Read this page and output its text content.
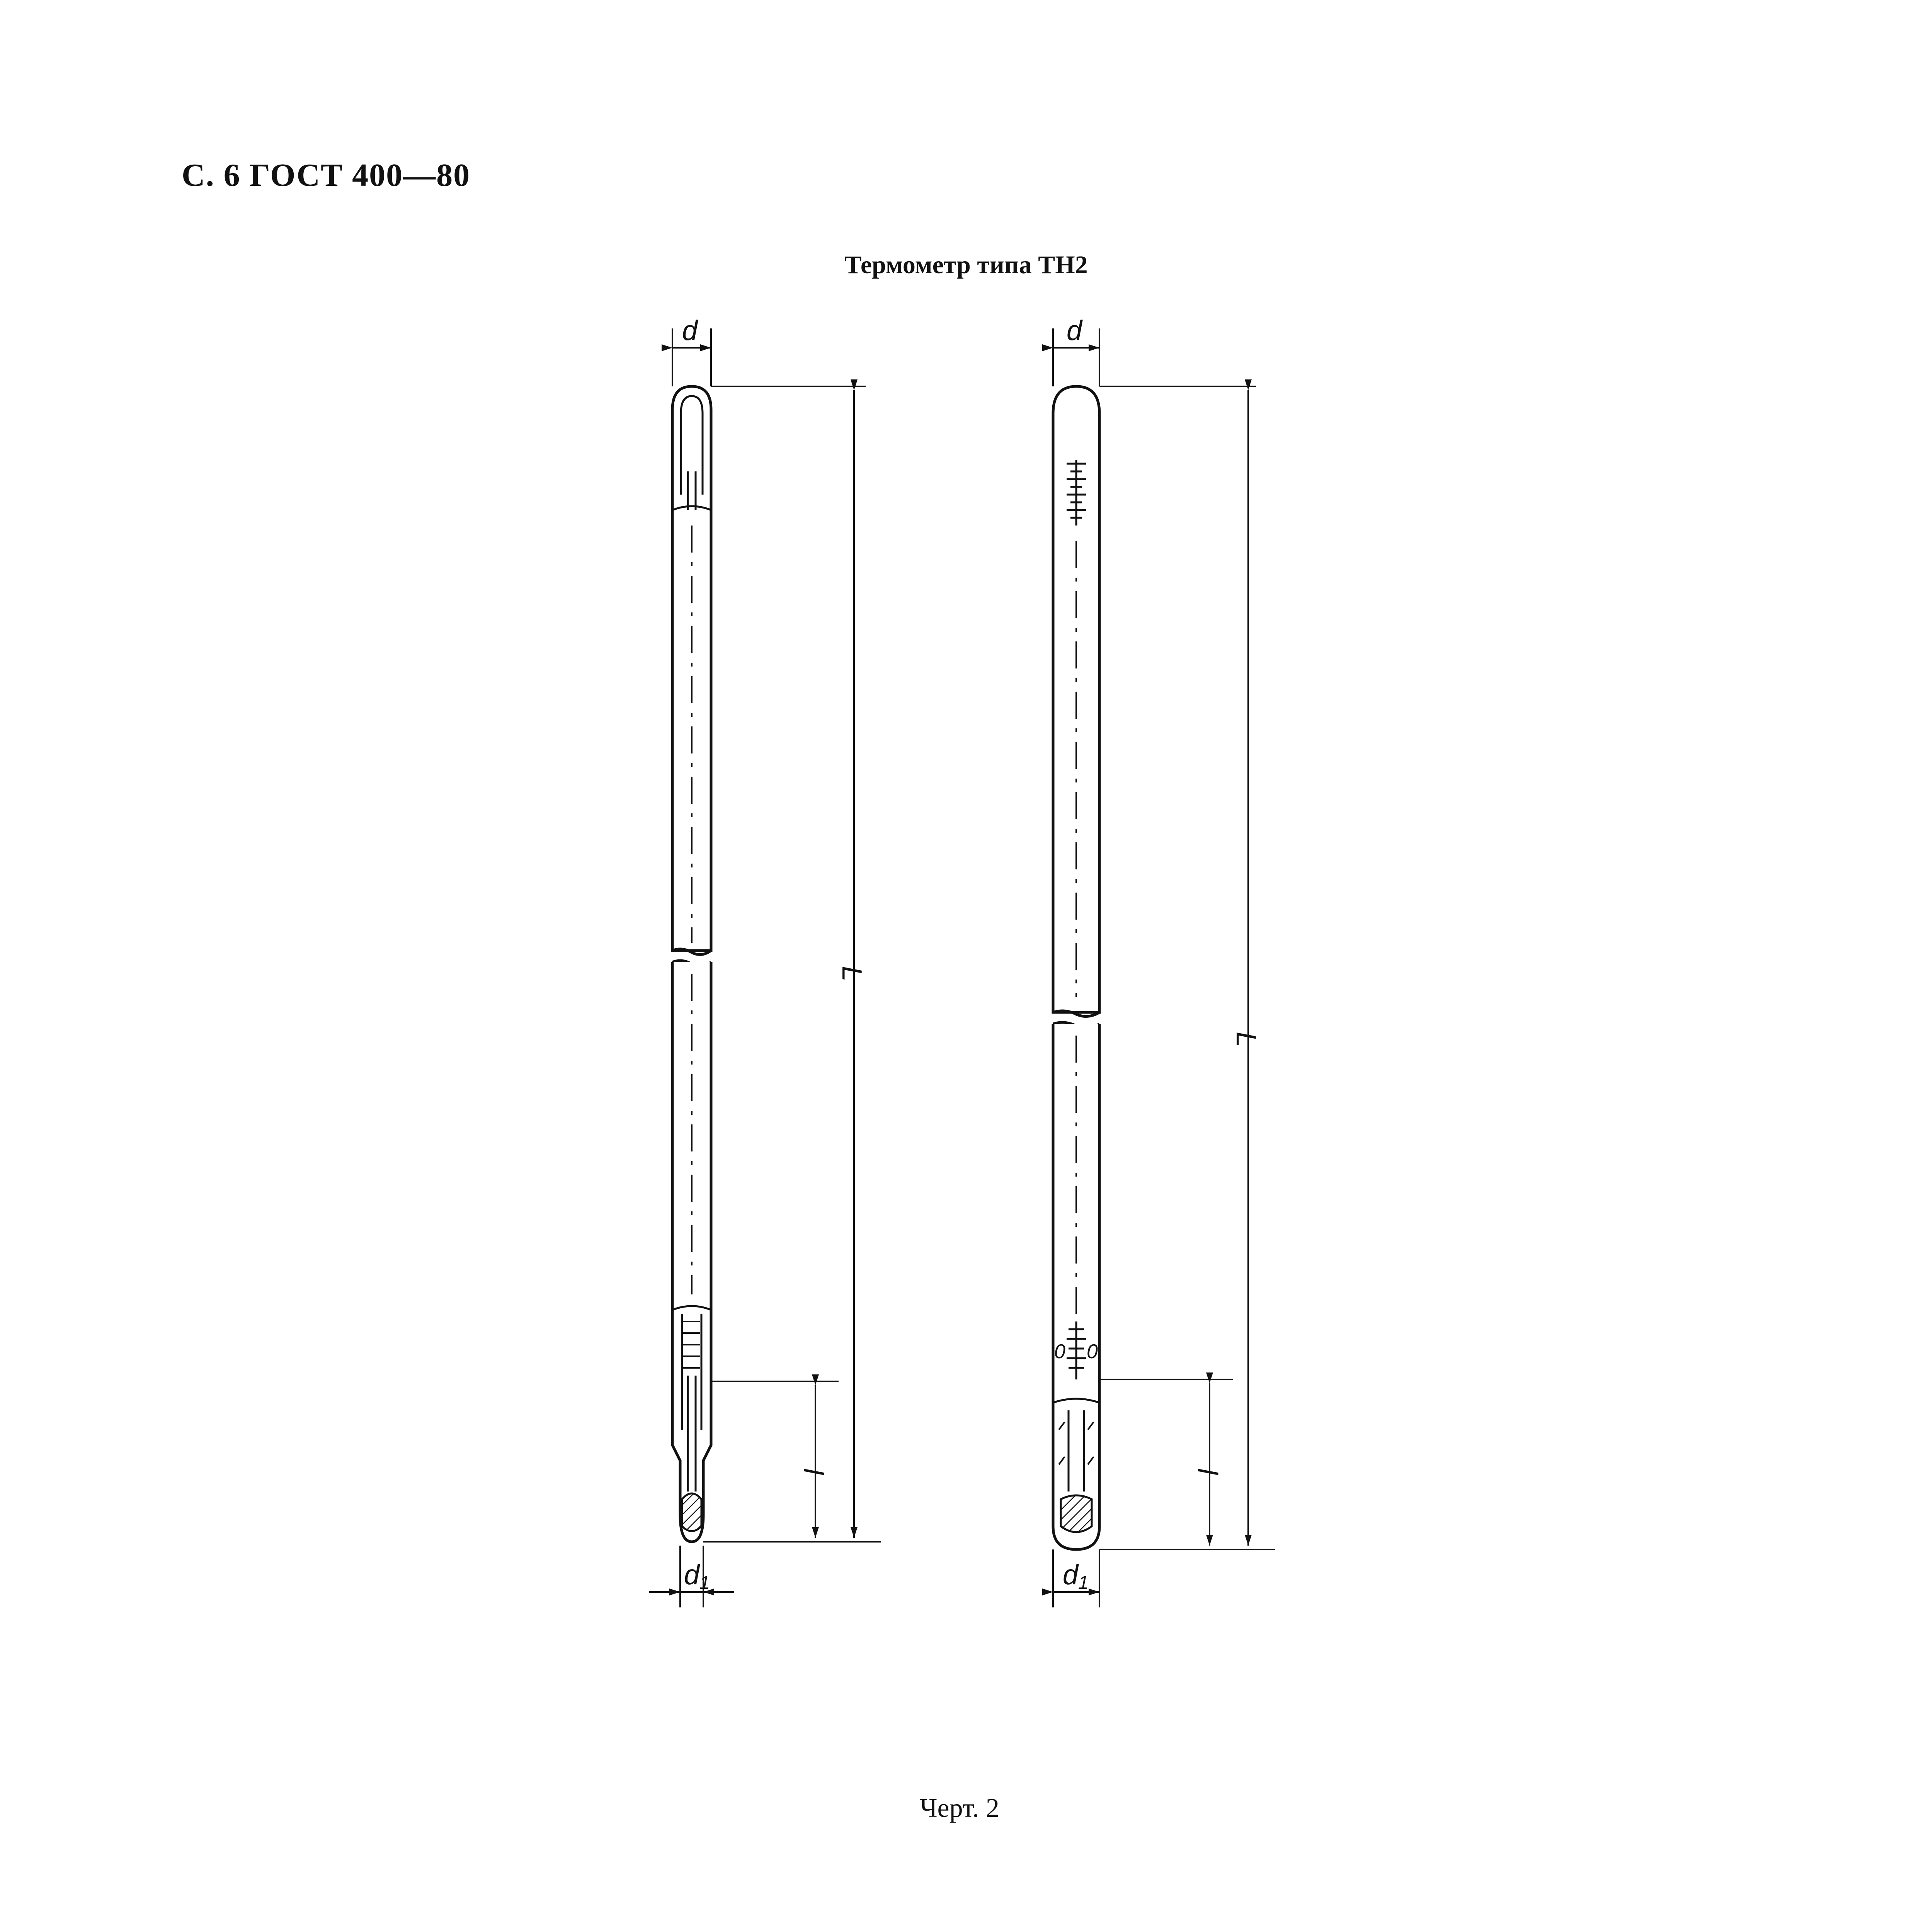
С. 6 ГОСТ 400—80
Термометр типа ТН2
d	d
L
L
l	l
d1	d1
0 0
Черт. 2
